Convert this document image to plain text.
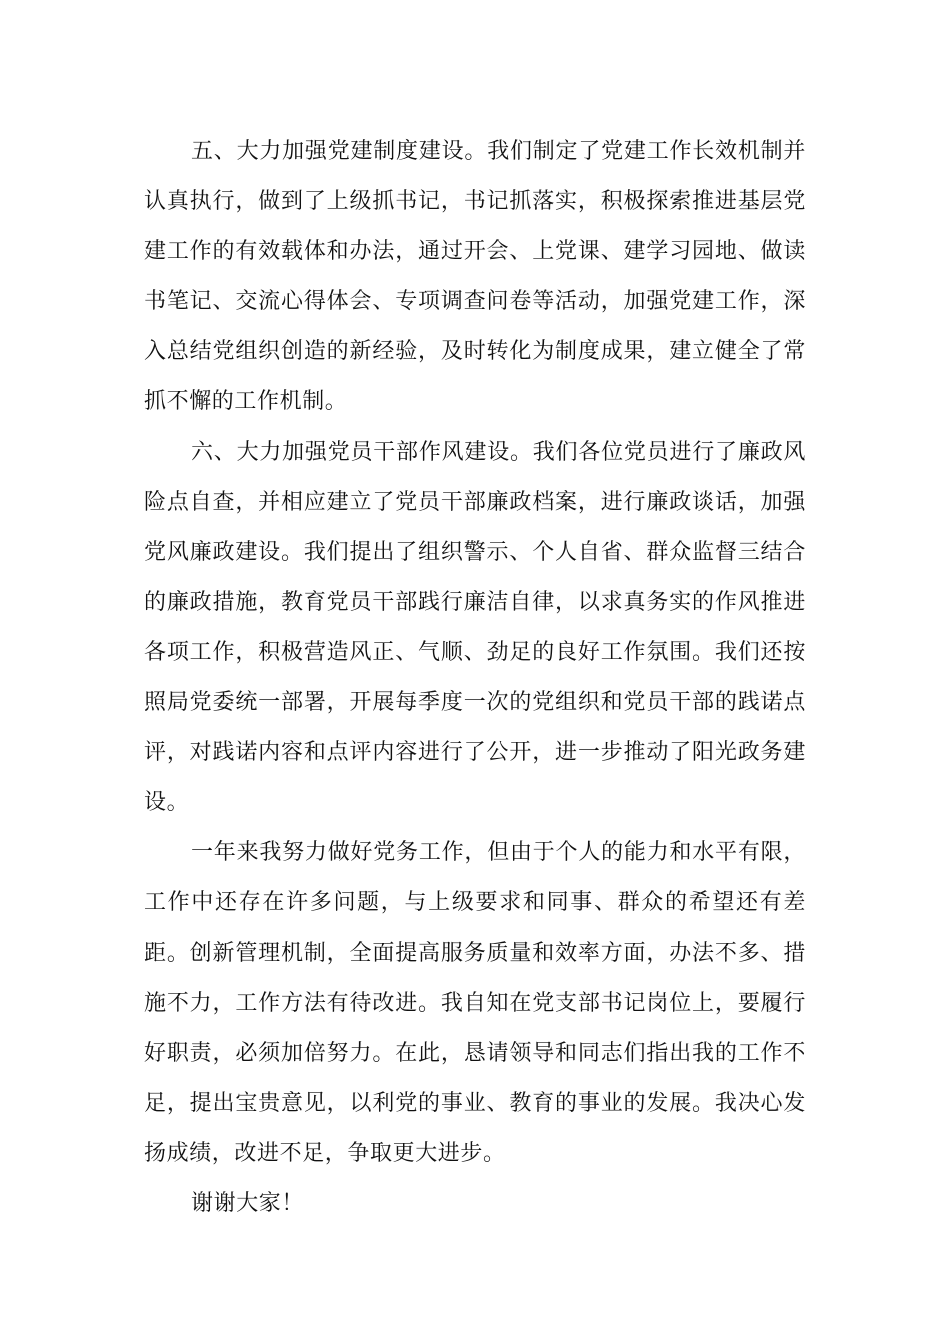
五、大力加强党建制度建设。我们制定了党建工作长效机制并
认真执行，做到了上级抓书记，书记抓落实，积极探索推进基层党
建工作的有效载体和办法，通过开会、上党课、建学习园地、做读
书笔记、交流心得体会、专项调查问卷等活动，加强党建工作，深
入总结党组织创造的新经验，及时转化为制度成果，建立健全了常
抓不懈的工作机制。

六、大力加强党员干部作风建设。我们各位党员进行了廉政风
险点自查，并相应建立了党员干部廉政档案，进行廉政谈话，加强
党风廉政建设。我们提出了组织警示、个人自省、群众监督三结合
的廉政措施，教育党员干部践行廉洁自律，以求真务实的作风推进
各项工作，积极营造风正、气顺、劲足的良好工作氛围。我们还按
照局党委统一部署，开展每季度一次的党组织和党员干部的践诺点
评，对践诺内容和点评内容进行了公开，进一步推动了阳光政务建
设。

一年来我努力做好党务工作，但由于个人的能力和水平有限，
工作中还存在许多问题，与上级要求和同事、群众的希望还有差
距。创新管理机制，全面提高服务质量和效率方面，办法不多、措
施不力，工作方法有待改进。我自知在党支部书记岗位上，要履行
好职责，必须加倍努力。在此，恳请领导和同志们指出我的工作不
足，提出宝贵意见，以利党的事业、教育的事业的发展。我决心发
扬成绩，改进不足，争取更大进步。

谢谢大家！
